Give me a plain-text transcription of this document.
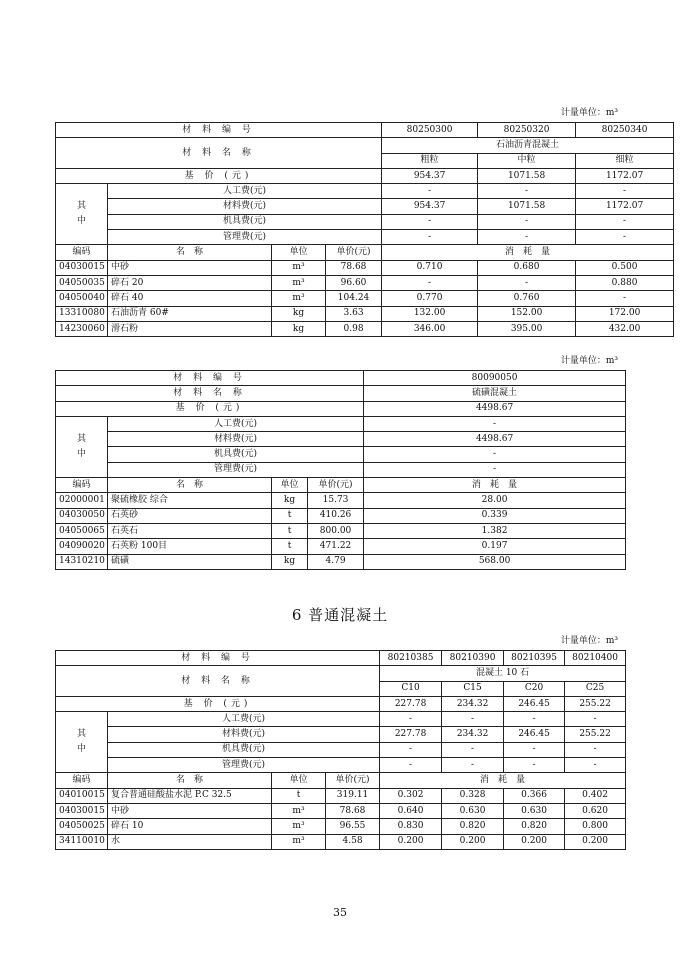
计量单位：m³
材 料 编 号				80250300	80250320	80250340
材 料 名 称				石油沥青混凝土		
				粗粒	中粒	细粒
基 价 (元)				954.37	1071.58	1172.07
其
中	人工费(元)			-	-	-
	材料费(元)			954.37	1071.58	1172.07
	机具费(元)			-	-	-
	管理费(元)			-	-	-
编码	名　称	单位	单价(元)	消　耗　量		
04030015	中砂	m³	78.68	0.710	0.680	0.500
04050035	碎石 20	m³	96.60	-	-	0.880
04050040	碎石 40	m³	104.24	0.770	0.760	-
13310080	石油沥青 60#	kg	3.63	132.00	152.00	172.00
14230060	滑石粉	kg	0.98	346.00	395.00	432.00
计量单位：m³
材 料 编 号				80090050
材 料 名 称				硫磺混凝土
基 价 (元)				4498.67
其
中	人工费(元)			-
	材料费(元)			4498.67
	机具费(元)			-
	管理费(元)			-
编码	名　称	单位	单价(元)	消　耗　量
02000001	聚硫橡胶 综合	kg	15.73	28.00
04030050	石英砂	t	410.26	0.339
04050065	石英石	t	800.00	1.382
04090020	石英粉 100目	t	471.22	0.197
14310210	硫磺	kg	4.79	568.00
6 普通混凝土
计量单位：m³
材 料 编 号				80210385	80210390	80210395	80210400
材 料 名 称				混凝土 10 石			
				C10	C15	C20	C25
基 价 (元)				227.78	234.32	246.45	255.22
其
中	人工费(元)			-	-	-	-
	材料费(元)			227.78	234.32	246.45	255.22
	机具费(元)			-	-	-	-
	管理费(元)			-	-	-	-
编码	名　称	单位	单价(元)	消　耗　量			
04010015	复合普通硅酸盐水泥 P.C 32.5	t	319.11	0.302	0.328	0.366	0.402
04030015	中砂	m³	78.68	0.640	0.630	0.630	0.620
04050025	碎石 10	m³	96.55	0.830	0.820	0.820	0.800
34110010	水	m³	4.58	0.200	0.200	0.200	0.200
35
